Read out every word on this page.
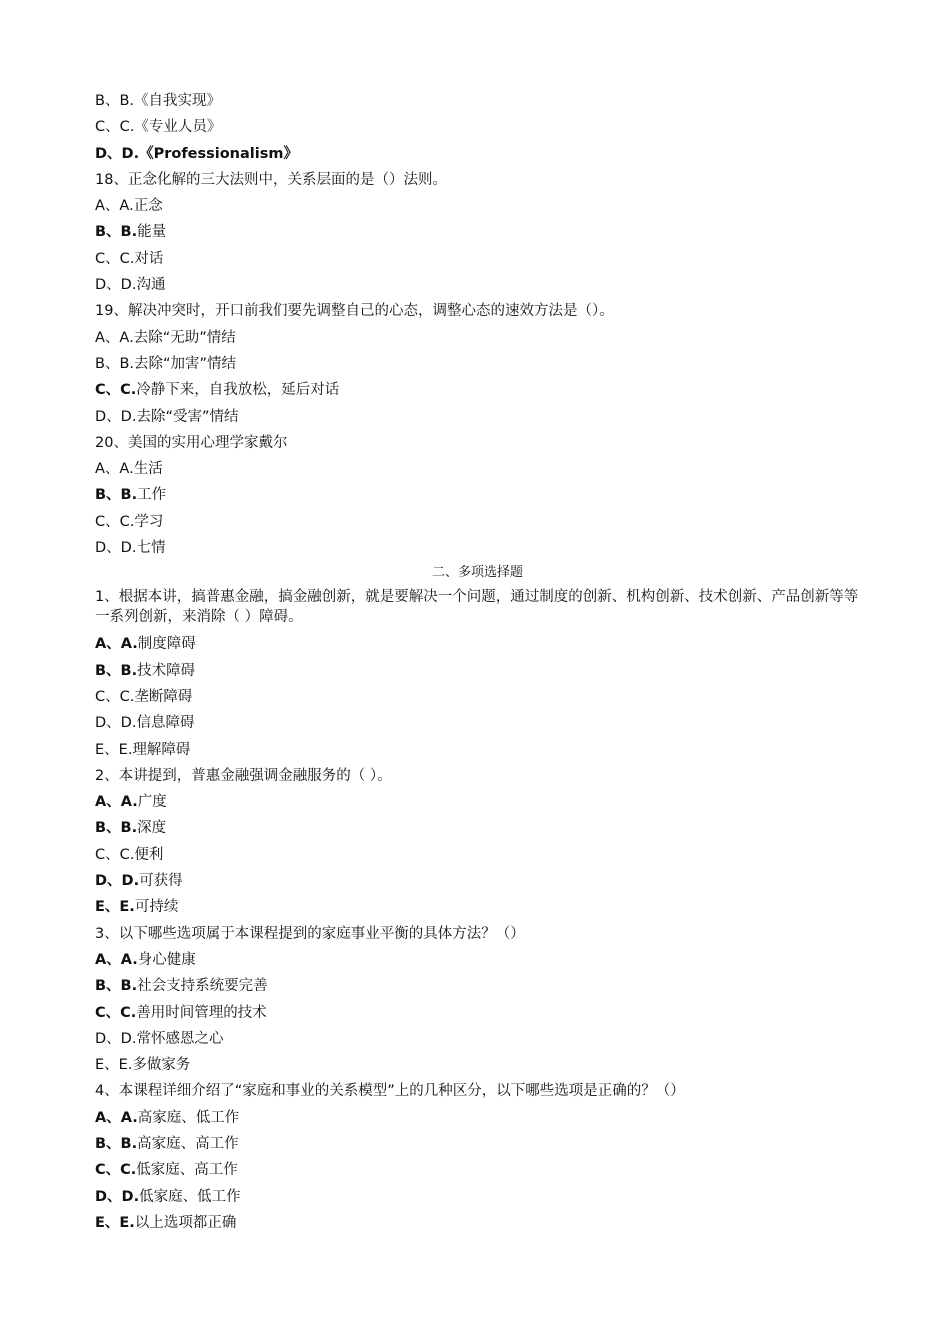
B、B.《自我实现》
C、C.《专业人员》
D、D.《Professionalism》
18、正念化解的三大法则中，关系层面的是（）法则。
A、A.正念
B、B.能量
C、C.对话
D、D.沟通
19、解决冲突时，开口前我们要先调整自己的心态，调整心态的速效方法是（）。
A、A.去除“无助”情结
B、B.去除“加害”情结
C、C.冷静下来，自我放松，延后对话
D、D.去除“受害”情结
20、美国的实用心理学家戴尔
A、A.生活
B、B.工作
C、C.学习
D、D.七情
二、多项选择题
1、根据本讲，搞普惠金融，搞金融创新，就是要解决一个问题，通过制度的创新、机构创新、技术创新、产品创新等等一系列创新，来消除（ ）障碍。
A、A.制度障碍
B、B.技术障碍
C、C.垄断障碍
D、D.信息障碍
E、E.理解障碍
2、本讲提到，普惠金融强调金融服务的（ ）。
A、A.广度
B、B.深度
C、C.便利
D、D.可获得
E、E.可持续
3、以下哪些选项属于本课程提到的家庭事业平衡的具体方法？（）
A、A.身心健康
B、B.社会支持系统要完善
C、C.善用时间管理的技术
D、D.常怀感恩之心
E、E.多做家务
4、本课程详细介绍了“家庭和事业的关系模型”上的几种区分，以下哪些选项是正确的？（）
A、A.高家庭、低工作
B、B.高家庭、高工作
C、C.低家庭、高工作
D、D.低家庭、低工作
E、E.以上选项都正确
